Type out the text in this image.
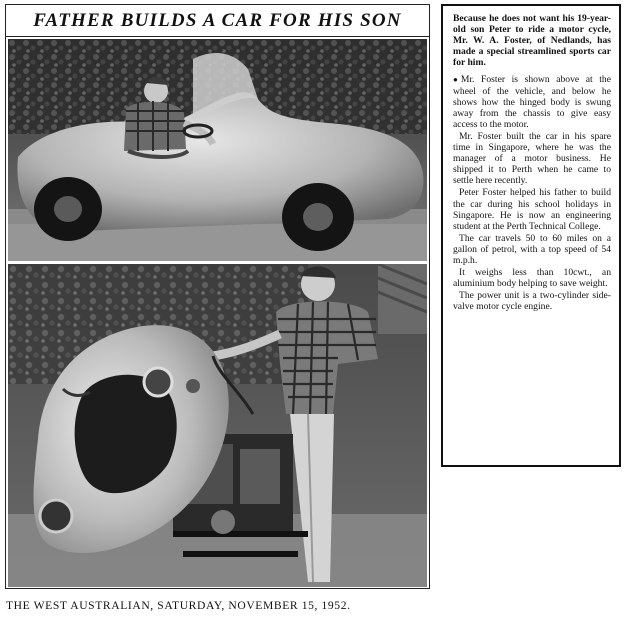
FATHER BUILDS A CAR FOR HIS SON	Because he does not want his 19-year-old son Peter to ride a motor cycle, Mr. W. A. Foster, of Nedlands, has made a special streamlined sports car for him.

● Mr. Foster is shown above at the wheel of the vehicle, and below he shows how the hinged body is swung away from the chassis to give easy access to the motor.

Mr. Foster built the car in his spare time in Singapore, where he was the manager of a motor business. He shipped it to Perth when he came to settle here recently.

Peter Foster helped his father to build the car during his school holidays in Singapore. He is now an engineering student at the Perth Technical College.

The car travels 50 to 60 miles on a gallon of petrol, with a top speed of 54 m.p.h.

It weighs less than 10cwt., an aluminium body helping to save weight.

The power unit is a two-cylinder side-valve motor cycle engine.

THE WEST AUSTRALIAN, SATURDAY, NOVEMBER 15, 1952.
